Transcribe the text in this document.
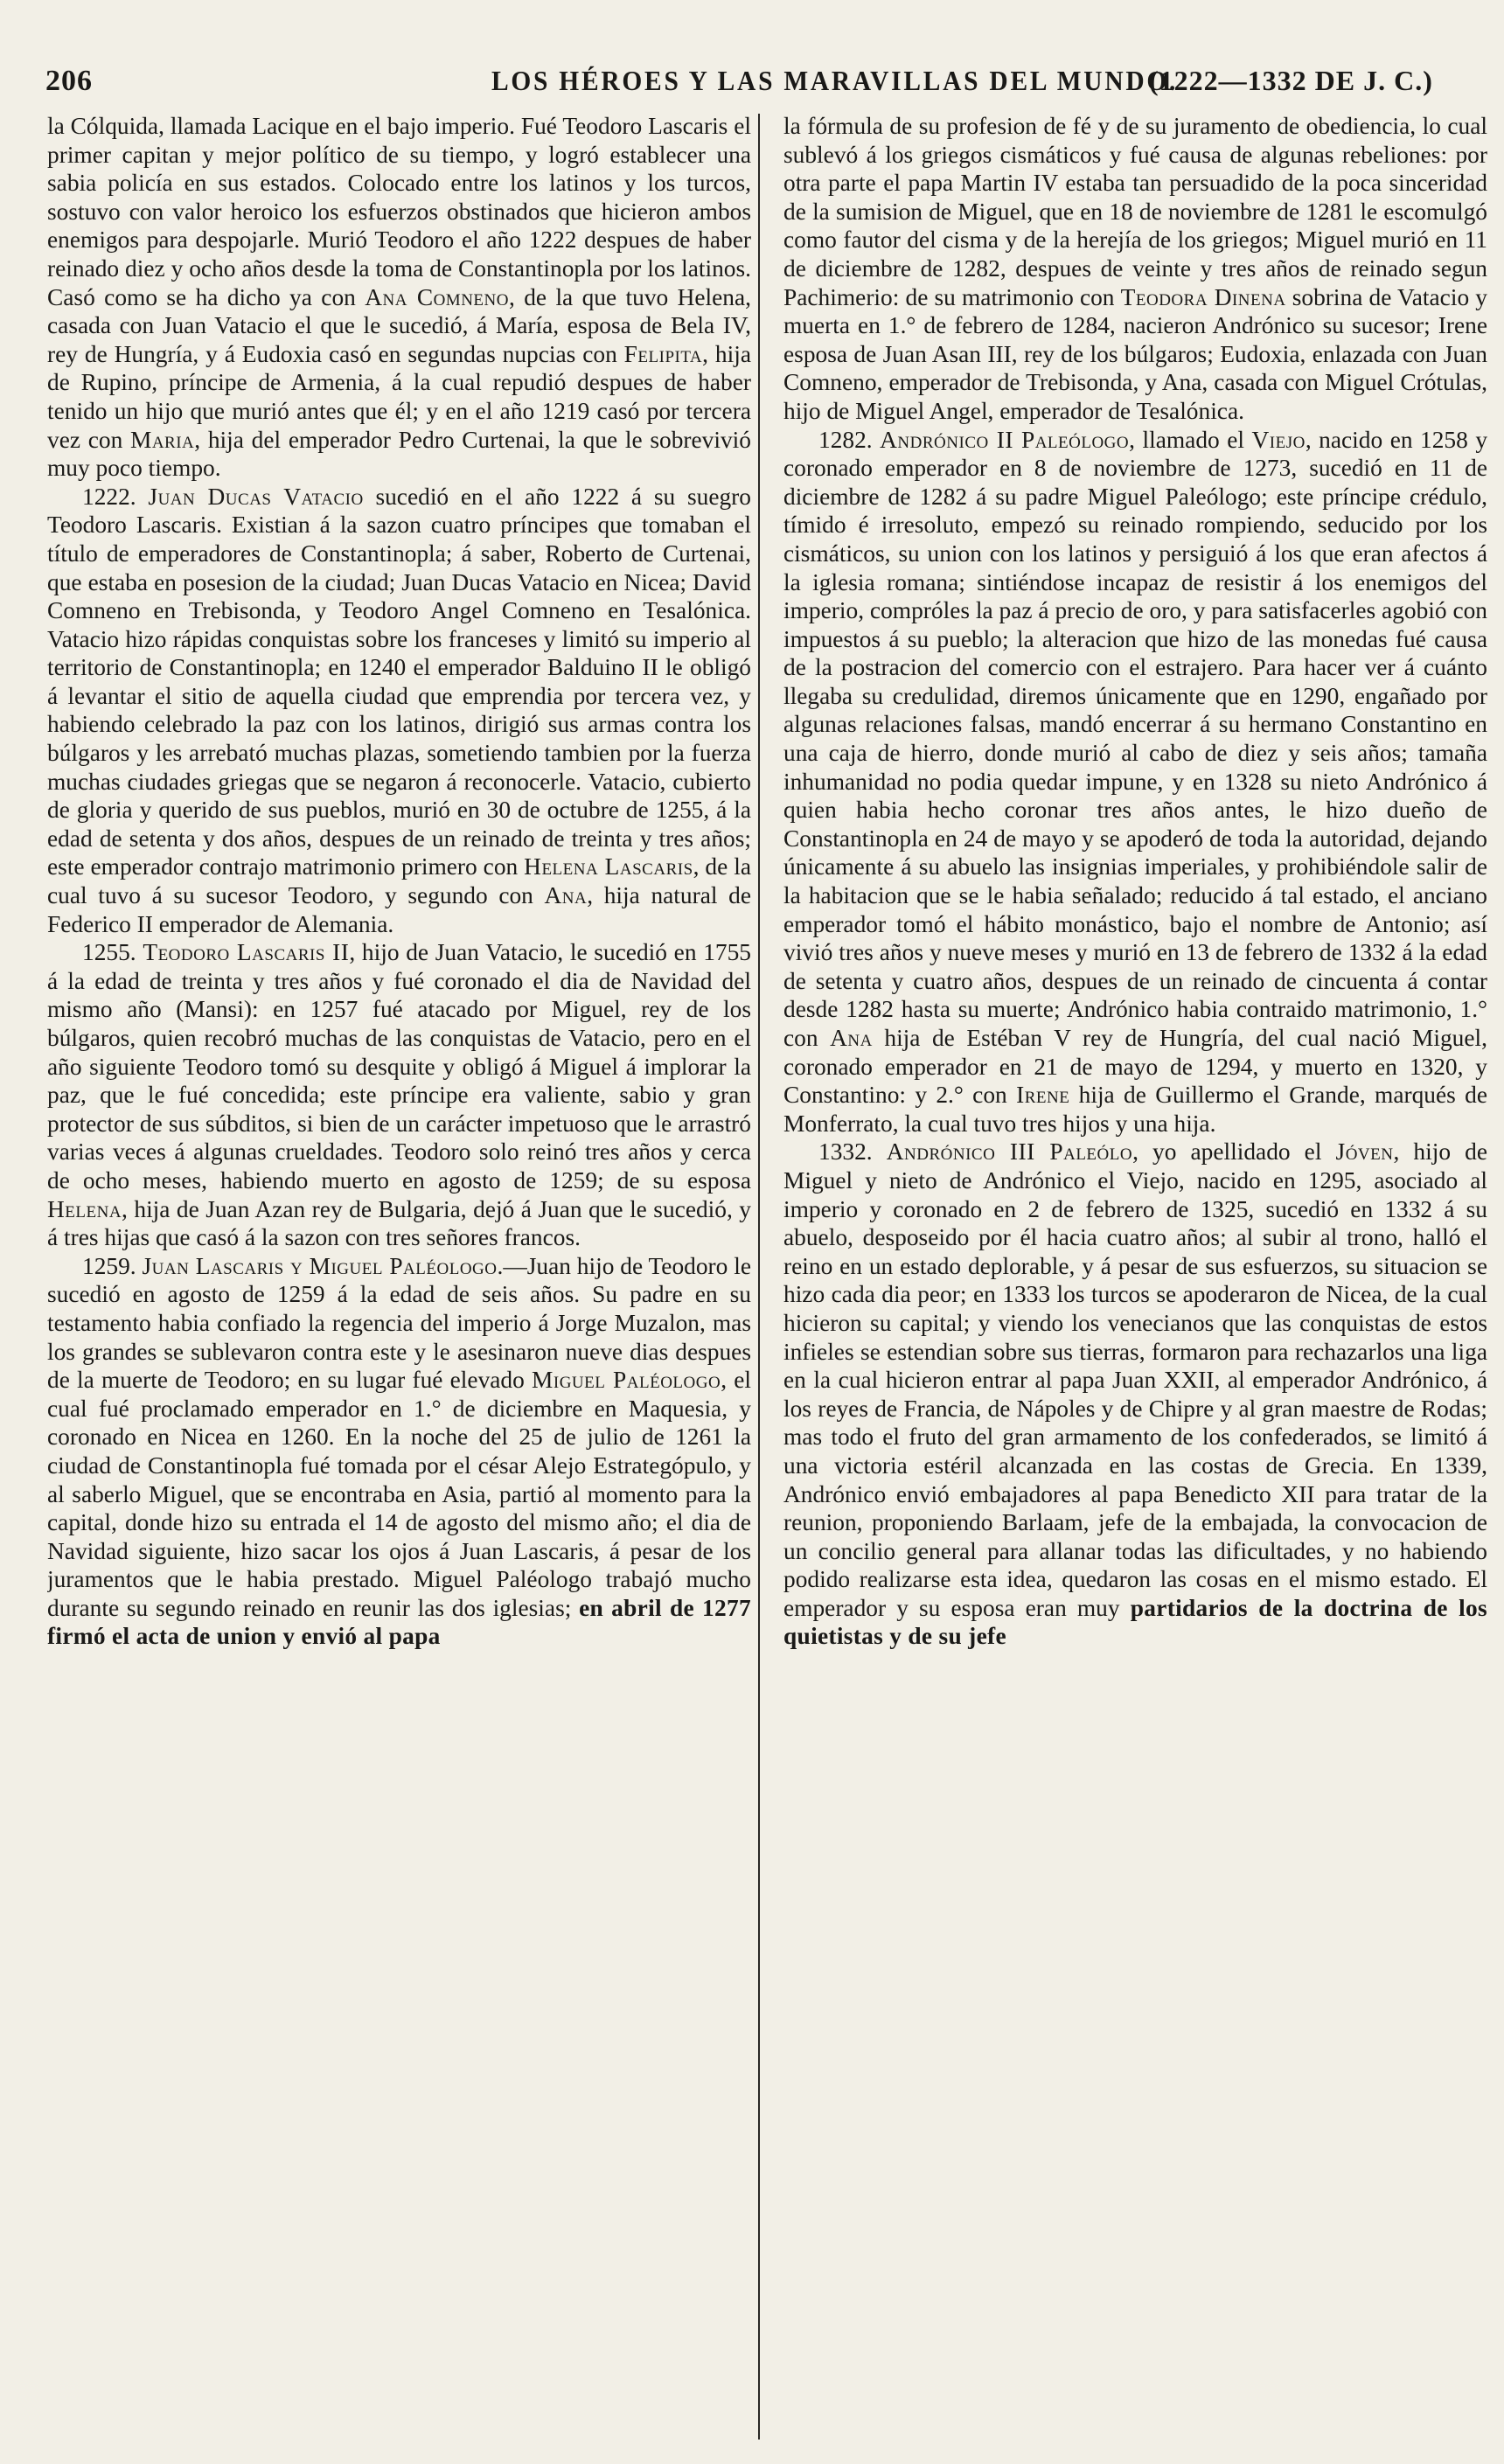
206	LOS HÉROES Y LAS MARAVILLAS DEL MUNDO.
(1222—1332 DE J. C.)

la Cólquida, llamada Lacique en el bajo imperio. Fué Teodoro Lascaris el primer capitan y mejor político de su tiempo, y logró establecer una sabia policía en sus estados. Colocado entre los latinos y los turcos, sostuvo con valor heroico los esfuerzos obstinados que hicieron ambos enemigos para despojarle. Murió Teodoro el año 1222 despues de haber reinado diez y ocho años desde la toma de Constantinopla por los latinos. Casó como se ha dicho ya con Ana Comneno, de la que tuvo Helena, casada con Juan Vatacio el que le sucedió, á María, esposa de Bela IV, rey de Hungría, y á Eudoxia casó en segundas nupcias con Felipita, hija de Rupino, príncipe de Armenia, á la cual repudió despues de haber tenido un hijo que murió antes que él; y en el año 1219 casó por tercera vez con Maria, hija del emperador Pedro Curtenai, la que le sobrevivió muy poco tiempo.

1222. Juan Ducas Vatacio sucedió en el año 1222 á su suegro Teodoro Lascaris. Existian á la sazon cuatro príncipes que tomaban el título de emperadores de Constantinopla; á saber, Roberto de Curtenai, que estaba en posesion de la ciudad; Juan Ducas Vatacio en Nicea; David Comneno en Trebisonda, y Teodoro Angel Comneno en Tesalónica. Vatacio hizo rápidas conquistas sobre los franceses y limitó su imperio al territorio de Constantinopla; en 1240 el emperador Balduino II le obligó á levantar el sitio de aquella ciudad que emprendia por tercera vez, y habiendo celebrado la paz con los latinos, dirigió sus armas contra los búlgaros y les arrebató muchas plazas, sometiendo tambien por la fuerza muchas ciudades griegas que se negaron á reconocerle. Vatacio, cubierto de gloria y querido de sus pueblos, murió en 30 de octubre de 1255, á la edad de setenta y dos años, despues de un reinado de treinta y tres años; este emperador contrajo matrimonio primero con Helena Lascaris, de la cual tuvo á su sucesor Teodoro, y segundo con Ana, hija natural de Federico II emperador de Alemania.

1255. Teodoro Lascaris II, hijo de Juan Vatacio, le sucedió en 1755 á la edad de treinta y tres años y fué coronado el dia de Navidad del mismo año (Mansi): en 1257 fué atacado por Miguel, rey de los búlgaros, quien recobró muchas de las conquistas de Vatacio, pero en el año siguiente Teodoro tomó su desquite y obligó á Miguel á implorar la paz, que le fué concedida; este príncipe era valiente, sabio y gran protector de sus súbditos, si bien de un carácter impetuoso que le arrastró varias veces á algunas crueldades. Teodoro solo reinó tres años y cerca de ocho meses, habiendo muerto en agosto de 1259; de su esposa Helena, hija de Juan Azan rey de Bulgaria, dejó á Juan que le sucedió, y á tres hijas que casó á la sazon con tres señores francos.

1259. Juan Lascaris y Miguel Paléologo.—Juan hijo de Teodoro le sucedió en agosto de 1259 á la edad de seis años. Su padre en su testamento habia confiado la regencia del imperio á Jorge Muzalon, mas los grandes se sublevaron contra este y le asesinaron nueve dias despues de la muerte de Teodoro; en su lugar fué elevado Miguel Paléologo, el cual fué proclamado emperador en 1.° de diciembre en Maquesia, y coronado en Nicea en 1260. En la noche del 25 de julio de 1261 la ciudad de Constantinopla fué tomada por el césar Alejo Estrategópulo, y al saberlo Miguel, que se encontraba en Asia, partió al momento para la capital, donde hizo su entrada el 14 de agosto del mismo año; el dia de Navidad siguiente, hizo sacar los ojos á Juan Lascaris, á pesar de los juramentos que le habia prestado. Miguel Paléologo trabajó mucho durante su segundo reinado en reunir las dos iglesias; en abril de 1277 firmó el acta de union y envió al papa

la fórmula de su profesion de fé y de su juramento de obediencia, lo cual sublevó á los griegos cismáticos y fué causa de algunas rebeliones: por otra parte el papa Martin IV estaba tan persuadido de la poca sinceridad de la sumision de Miguel, que en 18 de noviembre de 1281 le escomulgó como fautor del cisma y de la herejía de los griegos; Miguel murió en 11 de diciembre de 1282, despues de veinte y tres años de reinado segun Pachimerio: de su matrimonio con Teodora Dinena sobrina de Vatacio y muerta en 1.° de febrero de 1284, nacieron Andrónico su sucesor; Irene esposa de Juan Asan III, rey de los búlgaros; Eudoxia, enlazada con Juan Comneno, emperador de Trebisonda, y Ana, casada con Miguel Crótulas, hijo de Miguel Angel, emperador de Tesalónica.

1282. Andrónico II Paleólogo, llamado el Viejo, nacido en 1258 y coronado emperador en 8 de noviembre de 1273, sucedió en 11 de diciembre de 1282 á su padre Miguel Paleólogo; este príncipe crédulo, tímido é irresoluto, empezó su reinado rompiendo, seducido por los cismáticos, su union con los latinos y persiguió á los que eran afectos á la iglesia romana; sintiéndose incapaz de resistir á los enemigos del imperio, compróles la paz á precio de oro, y para satisfacerles agobió con impuestos á su pueblo; la alteracion que hizo de las monedas fué causa de la postracion del comercio con el estrajero. Para hacer ver á cuánto llegaba su credulidad, diremos únicamente que en 1290, engañado por algunas relaciones falsas, mandó encerrar á su hermano Constantino en una caja de hierro, donde murió al cabo de diez y seis años; tamaña inhumanidad no podia quedar impune, y en 1328 su nieto Andrónico á quien habia hecho coronar tres años antes, le hizo dueño de Constantinopla en 24 de mayo y se apoderó de toda la autoridad, dejando únicamente á su abuelo las insignias imperiales, y prohibiéndole salir de la habitacion que se le habia señalado; reducido á tal estado, el anciano emperador tomó el hábito monástico, bajo el nombre de Antonio; así vivió tres años y nueve meses y murió en 13 de febrero de 1332 á la edad de setenta y cuatro años, despues de un reinado de cincuenta á contar desde 1282 hasta su muerte; Andrónico habia contraido matrimonio, 1.° con Ana hija de Estéban V rey de Hungría, del cual nació Miguel, coronado emperador en 21 de mayo de 1294, y muerto en 1320, y Constantino: y 2.° con Irene hija de Guillermo el Grande, marqués de Monferrato, la cual tuvo tres hijos y una hija.

1332. Andrónico III Paleólo, yo apellidado el Jóven, hijo de Miguel y nieto de Andrónico el Viejo, nacido en 1295, asociado al imperio y coronado en 2 de febrero de 1325, sucedió en 1332 á su abuelo, desposeido por él hacia cuatro años; al subir al trono, halló el reino en un estado deplorable, y á pesar de sus esfuerzos, su situacion se hizo cada dia peor; en 1333 los turcos se apoderaron de Nicea, de la cual hicieron su capital; y viendo los venecianos que las conquistas de estos infieles se estendian sobre sus tierras, formaron para rechazarlos una liga en la cual hicieron entrar al papa Juan XXII, al emperador Andrónico, á los reyes de Francia, de Nápoles y de Chipre y al gran maestre de Rodas; mas todo el fruto del gran armamento de los confederados, se limitó á una victoria estéril alcanzada en las costas de Grecia. En 1339, Andrónico envió embajadores al papa Benedicto XII para tratar de la reunion, proponiendo Barlaam, jefe de la embajada, la convocacion de un concilio general para allanar todas las dificultades, y no habiendo podido realizarse esta idea, quedaron las cosas en el mismo estado. El emperador y su esposa eran muy partidarios de la doctrina de los quietistas y de su jefe
